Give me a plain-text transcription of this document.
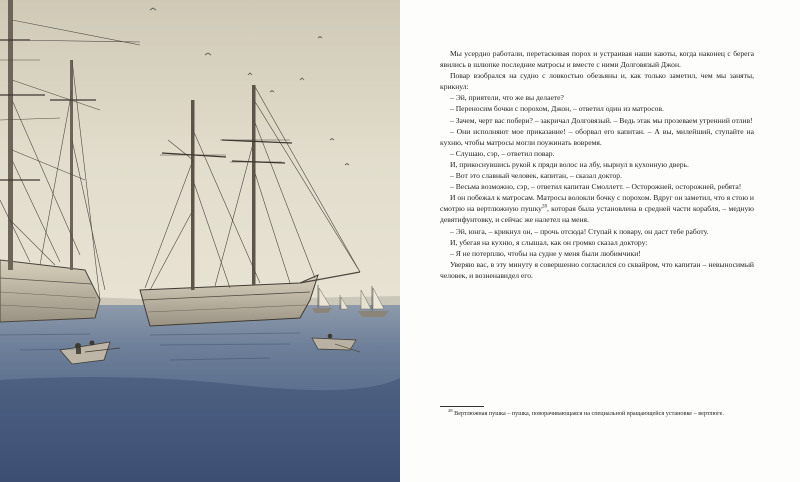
Мы усердно работали, перетаскивая порох и устраивая наши каюты, когда наконец с берега явились в шлюпке последние матросы и вместе с ними Долговязый Джон.

Повар взобрался на судно с ловкостью обезьяны и, как только заметил, чем мы заняты, крикнул:

– Эй, приятели, что же вы делаете?

– Переносим бочки с порохом, Джон, – ответил один из матросов.

– Зачем, черт вас побери? – закричал Долговязый. – Ведь этак мы прозеваем утренний отлив!

– Они исполняют мое приказание! – оборвал его капитан. – А вы, милейший, ступайте на кухню, чтобы матросы могли поужинать вовремя.

– Слушаю, сэр, – ответил повар.

И, прикоснувшись рукой к пряди волос на лбу, нырнул в кухонную дверь.

– Вот это славный человек, капитан, – сказал доктор.

– Весьма возможно, сэр, – ответил капитан Смоллетт. – Осторожней, осторожней, ребята!

И он побежал к матросам. Матросы волокли бочку с порохом. Вдруг он заметил, что я стою и смотрю на вертлюжную пушку$^{28}$, которая была установлена в средней части корабля, – медную девятифунтовку, и сейчас же налетел на меня.

– Эй, юнга, – крикнул он, – прочь отсюда! Ступай к повару, он даст тебе работу.

И, убегая на кухню, я слышал, как он громко сказал доктору:

– Я не потерплю, чтобы на судне у меня были любимчики!

Уверяю вас, в эту минуту я совершенно согласился со сквайром, что капитан – невыносимый человек, и возненавидел его.

$^{28}$ Вертлюжная пушка – пушка, поворачивающаяся на специальной вращающейся установке – вертлюге.
